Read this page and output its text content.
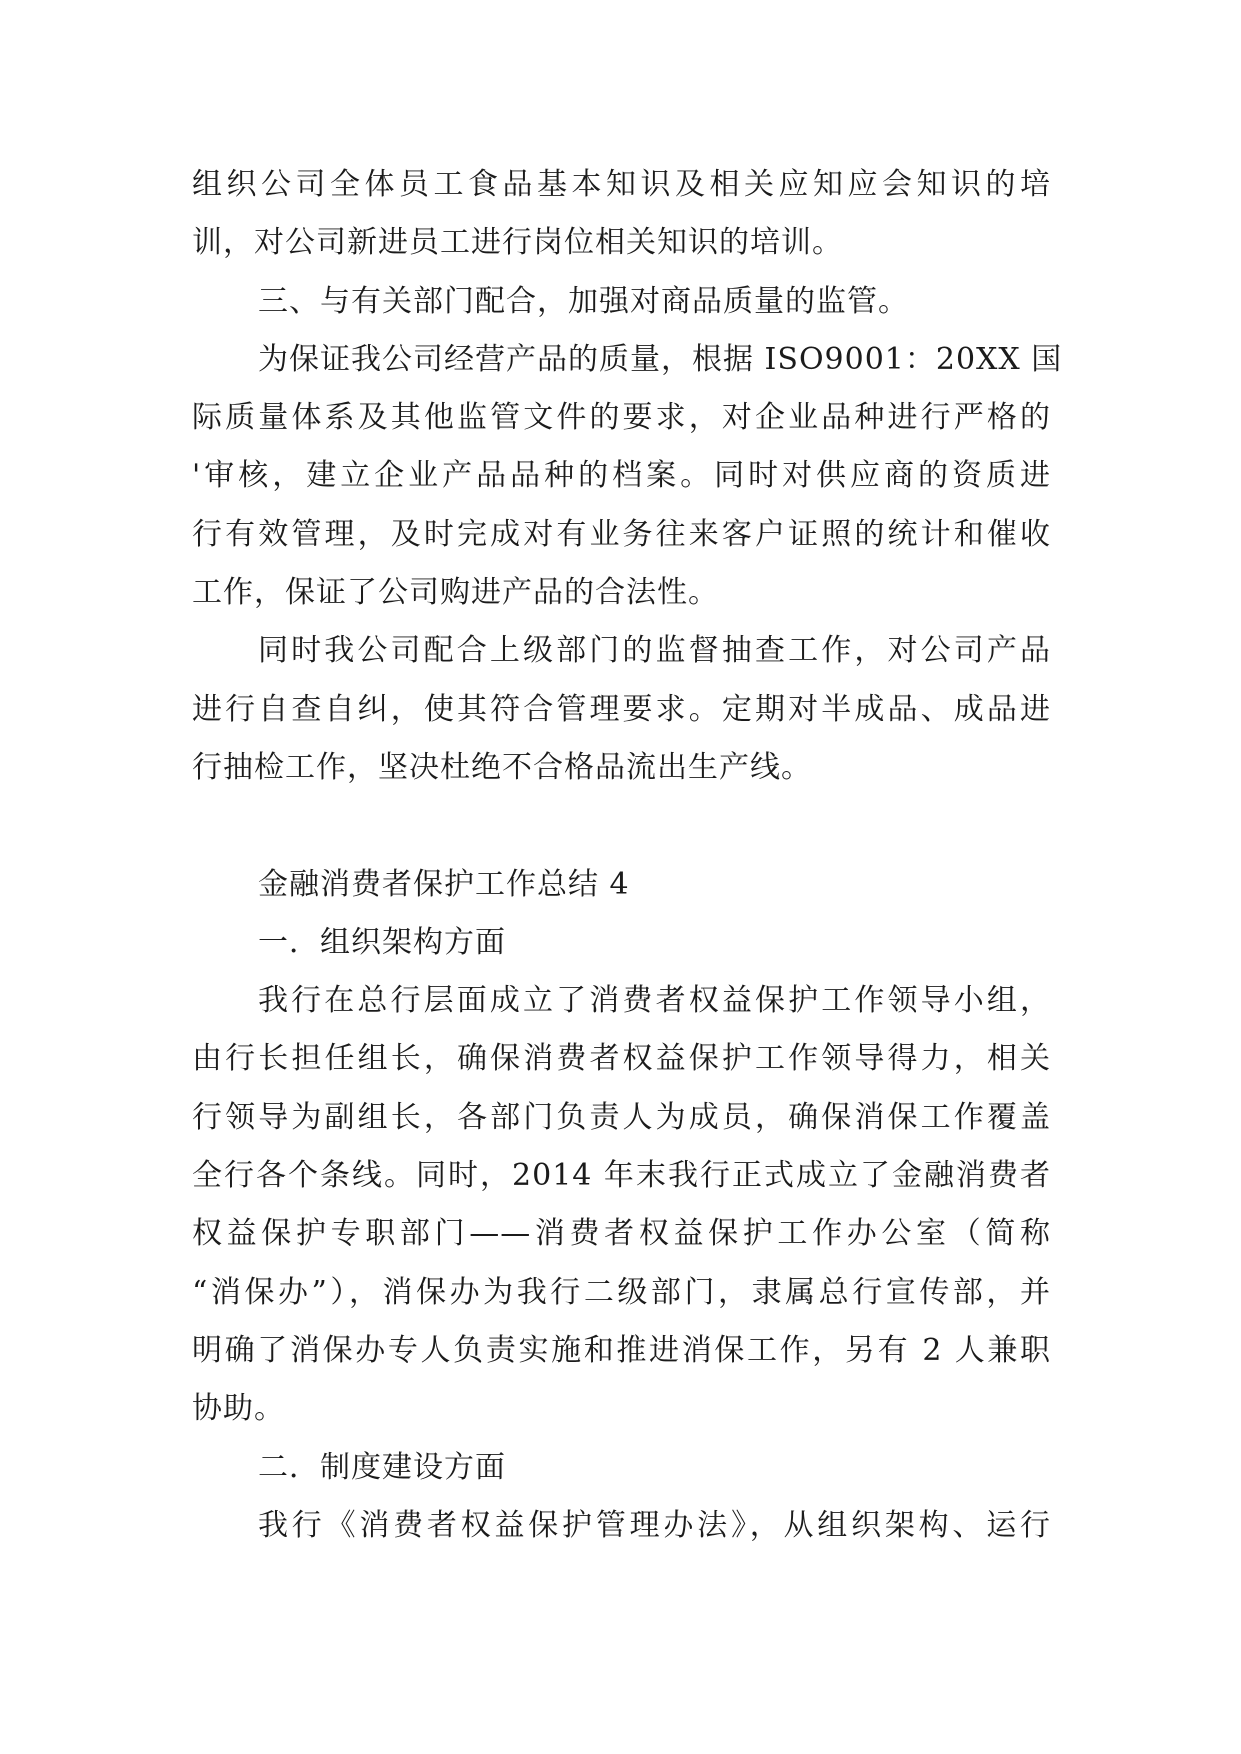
组织公司全体员工食品基本知识及相关应知应会知识的培
训，对公司新进员工进行岗位相关知识的培训。
三、与有关部门配合，加强对商品质量的监管。
为保证我公司经营产品的质量，根据 ISO9001：20XX 国
际质量体系及其他监管文件的要求，对企业品种进行严格的
'审核，建立企业产品品种的档案。同时对供应商的资质进
行有效管理，及时完成对有业务往来客户证照的统计和催收
工作，保证了公司购进产品的合法性。
同时我公司配合上级部门的监督抽查工作，对公司产品
进行自查自纠，使其符合管理要求。定期对半成品、成品进
行抽检工作，坚决杜绝不合格品流出生产线。
金融消费者保护工作总结 4
一．组织架构方面
我行在总行层面成立了消费者权益保护工作领导小组，
由行长担任组长，确保消费者权益保护工作领导得力，相关
行领导为副组长，各部门负责人为成员，确保消保工作覆盖
全行各个条线。同时，2014 年末我行正式成立了金融消费者
权益保护专职部门——消费者权益保护工作办公室（简称
“消保办”），消保办为我行二级部门，隶属总行宣传部，并
明确了消保办专人负责实施和推进消保工作，另有 2 人兼职
协助。
二．制度建设方面
我行《消费者权益保护管理办法》，从组织架构、运行
